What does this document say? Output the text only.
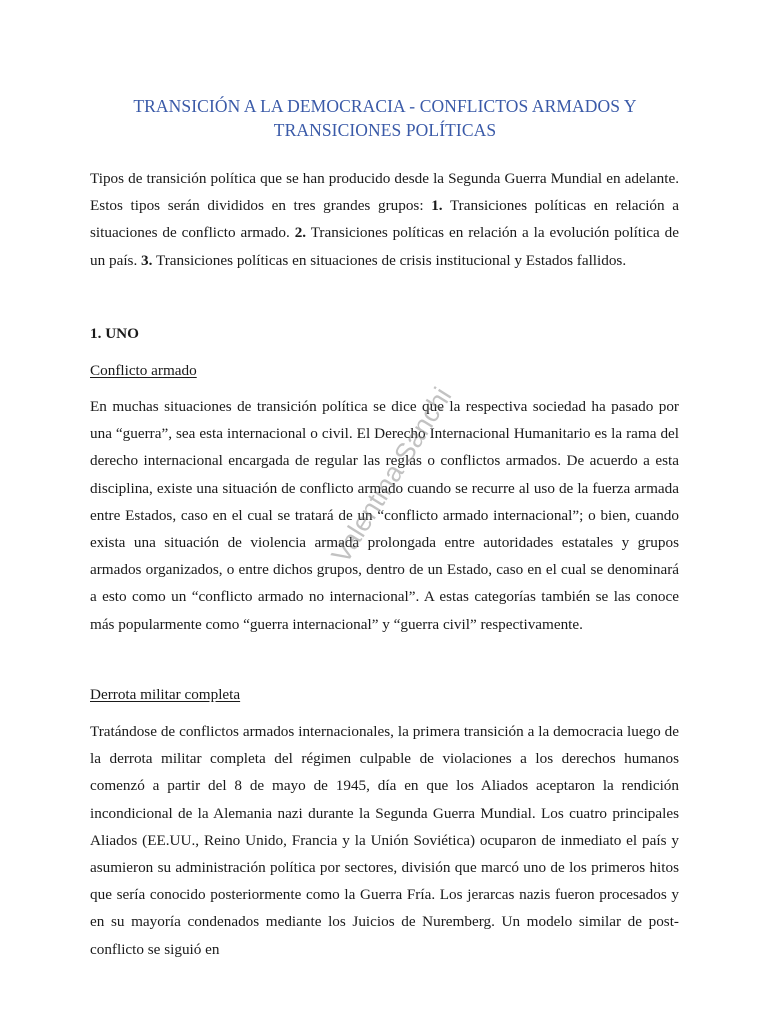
TRANSICIÓN A LA DEMOCRACIA - CONFLICTOS ARMADOS Y
TRANSICIONES POLÍTICAS

Tipos de transición política que se han producido desde la Segunda Guerra Mundial en adelante. Estos tipos serán divididos en tres grandes grupos: 1. Transiciones políticas en relación a situaciones de conflicto armado. 2. Transiciones políticas en relación a la evolución política de un país. 3. Transiciones políticas en situaciones de crisis institucional y Estados fallidos.

1. UNO

Conflicto armado

En muchas situaciones de transición política se dice que la respectiva sociedad ha pasado por una “guerra”, sea esta internacional o civil. El Derecho Internacional Humanitario es la rama del derecho internacional encargada de regular las reglas o conflictos armados. De acuerdo a esta disciplina, existe una situación de conflicto armado cuando se recurre al uso de la fuerza armada entre Estados, caso en el cual se tratará de un “conflicto armado internacional”; o bien, cuando exista una situación de violencia armada prolongada entre autoridades estatales y grupos armados organizados, o entre dichos grupos, dentro de un Estado, caso en el cual se denominará a esto como un “conflicto armado no internacional”. A estas categorías también se las conoce más popularmente como “guerra internacional” y “guerra civil” respectivamente.

Derrota militar completa

Tratándose de conflictos armados internacionales, la primera transición a la democracia luego de la derrota militar completa del régimen culpable de violaciones a los derechos humanos comenzó a partir del 8 de mayo de 1945, día en que los Aliados aceptaron la rendición incondicional de la Alemania nazi durante la Segunda Guerra Mundial. Los cuatro principales Aliados (EE.UU., Reino Unido, Francia y la Unión Soviética) ocuparon de inmediato el país y asumieron su administración política por sectores, división que marcó uno de los primeros hitos que sería conocido posteriormente como la Guerra Fría. Los jerarcas nazis fueron procesados y en su mayoría condenados mediante los Juicios de Nuremberg. Un modelo similar de post-conflicto se siguió en

Valentina Sanchi
